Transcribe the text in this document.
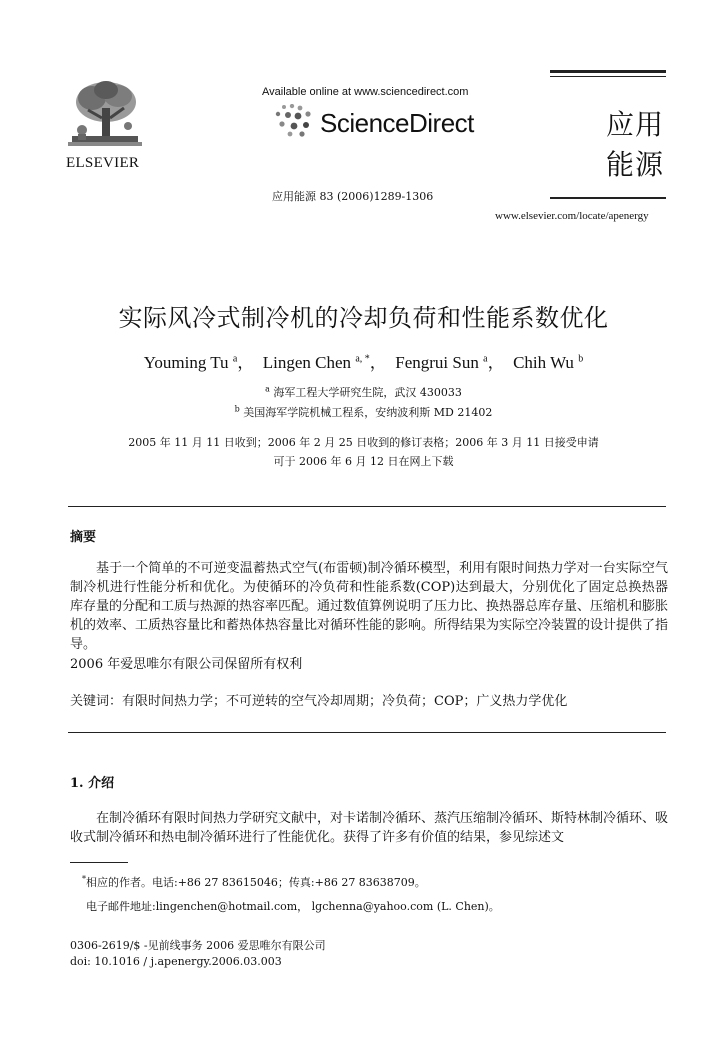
ELSEVIER
Available online at www.sciencedirect.com
ScienceDirect
应用能源 83 (2006)1289-1306
应用
能源
www.elsevier.com/locate/apenergy
实际风冷式制冷机的冷却负荷和性能系数优化
Youming Tu $^a$， Lingen Chen $^{a, *}$， Fengrui Sun $^a$， Chih Wu $^b$
$^a$ 海军工程大学研究生院，武汉 430033
$^b$ 美国海军学院机械工程系，安纳波利斯 MD 21402
2005 年 11 月 11 日收到；2006 年 2 月 25 日收到的修订表格；2006 年 3 月 11 日接受申请
可于 2006 年 6 月 12 日在网上下载
摘要
基于一个简单的不可逆变温蓄热式空气(布雷顿)制冷循环模型，利用有限时间热力学对一台实际空气制冷机进行性能分析和优化。为使循环的冷负荷和性能系数(COP)达到最大，分别优化了固定总换热器库存量的分配和工质与热源的热容率匹配。通过数值算例说明了压力比、换热器总库存量、压缩机和膨胀机的效率、工质热容量比和蓄热体热容量比对循环性能的影响。所得结果为实际空冷装置的设计提供了指导。
2006 年爱思唯尔有限公司保留所有权利
关键词：有限时间热力学；不可逆转的空气冷却周期；冷负荷；COP；广义热力学优化
1. 介绍
在制冷循环有限时间热力学研究文献中，对卡诺制冷循环、蒸汽压缩制冷循环、斯特林制冷循环、吸收式制冷循环和热电制冷循环进行了性能优化。获得了许多有价值的结果，参见综述文
*相应的作者。电话:+86 27 83615046；传真:+86 27 83638709。
电子邮件地址:lingenchen@hotmail.com， lgchenna@yahoo.com (L. Chen)。
0306-2619/$ -见前线事务 2006 爱思唯尔有限公司
doi: 10.1016 / j.apenergy.2006.03.003
